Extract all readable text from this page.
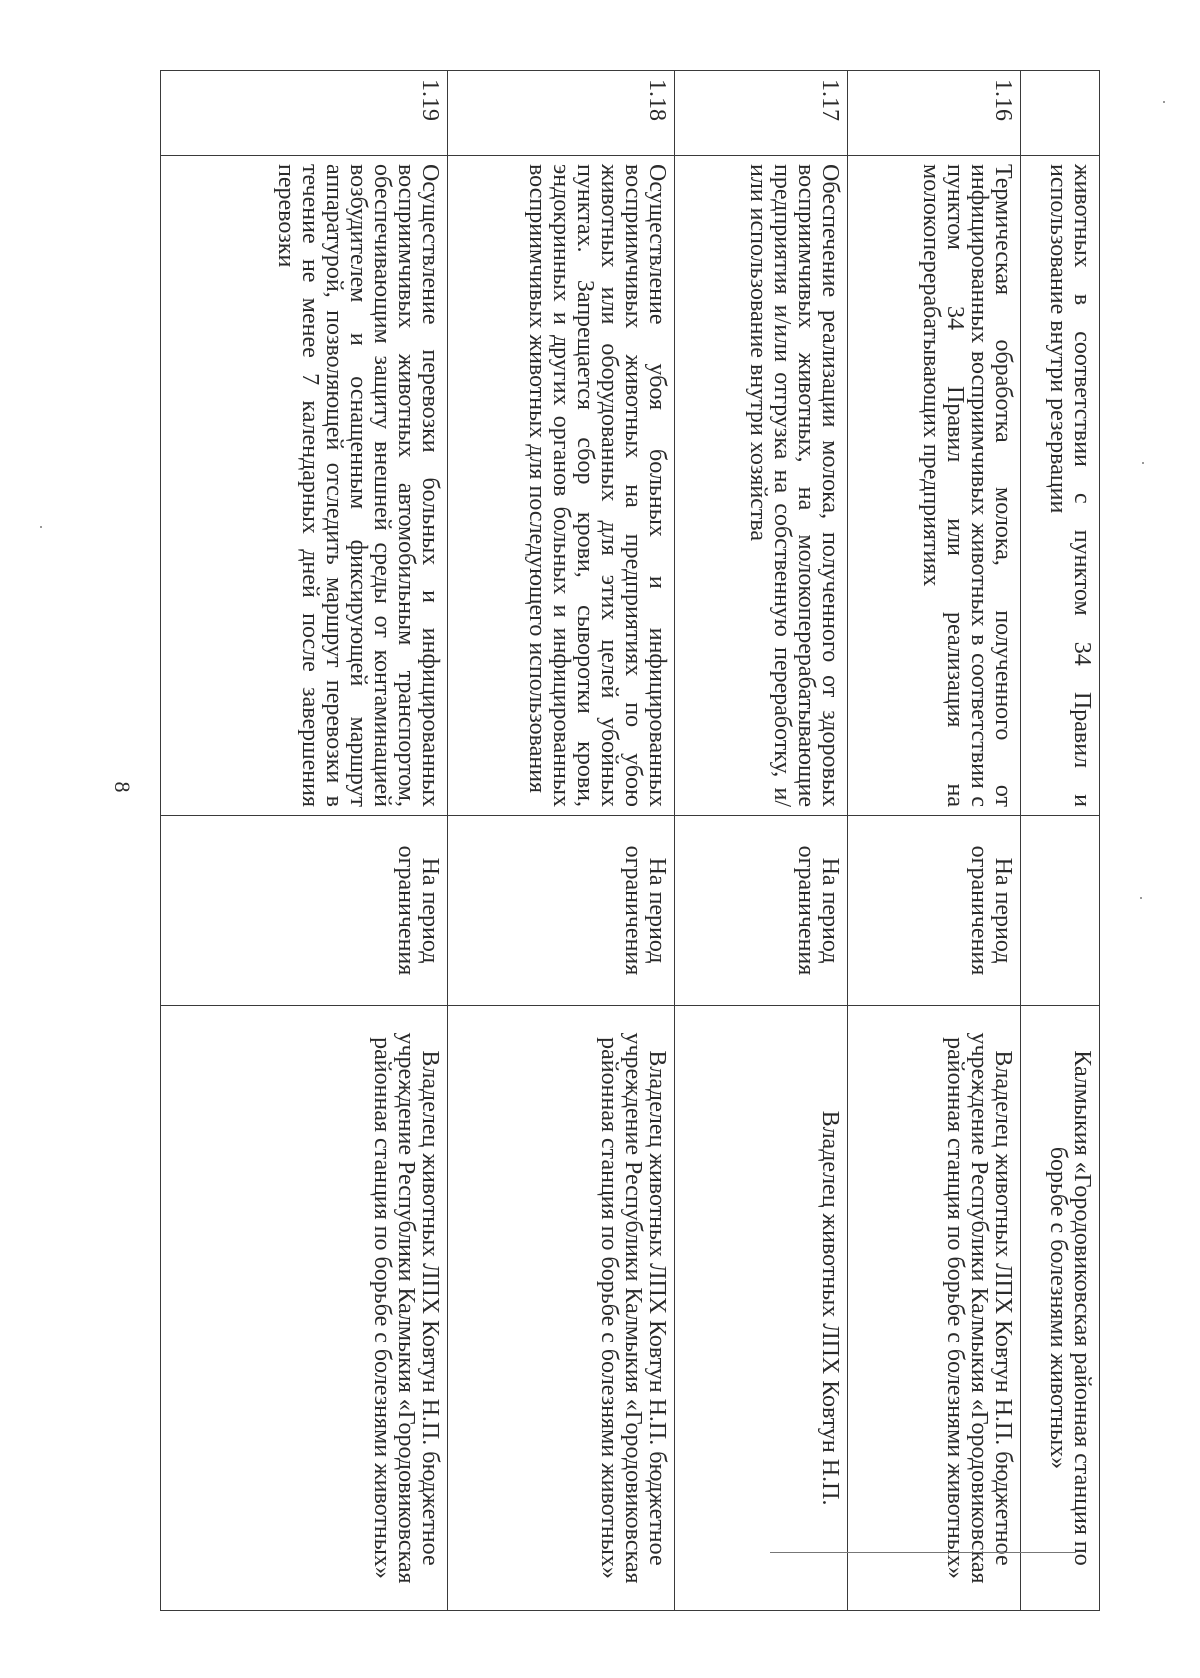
	животных в соответствии с пунктом 34 Правил и использование внутри резервации		Калмыкия «Городовиковская районная станция по борьбе с болезнями животных»
1.16	Термическая обработка молока, полученного от инфицированных восприимчивых животных в соответствии с пунктом 34 Правил или реализация на молокоперерабатывающих предприятиях	На период ограничения	Владелец животных ЛПХ Ковтун Н.П. бюджетное учреждение Республики Калмыкия «Городовиковская районная станция по борьбе с болезнями животных»
1.17	Обеспечение реализации молока, полученного от здоровых восприимчивых животных, на молокоперерабатывающие предприятия и/или отгрузка на собственную переработку, и/или использование внутри хозяйства	На период ограничения	Владелец животных ЛПХ Ковтун Н.П.
1.18	Осуществление убоя больных и инфицированных восприимчивых животных на предприятиях по убою животных или оборудованных для этих целей убойных пунктах. Запрещается сбор крови, сыворотки крови, эндокринных и других органов больных и инфицированных восприимчивых животных для последующего использования	На период ограничения	Владелец животных ЛПХ Ковтун Н.П. бюджетное учреждение Республики Калмыкия «Городовиковская районная станция по борьбе с болезнями животных»
1.19	Осуществление перевозки больных и инфицированных восприимчивых животных автомобильным транспортом, обеспечивающим защиту внешней среды от контаминацией возбудителем и оснащенным фиксирующей маршрут аппаратурой, позволяющей отследить маршрут перевозки в течение не менее 7 календарных дней после завершения перевозки	На период ограничения	Владелец животных ЛПХ Ковтун Н.П. бюджетное учреждение Республики Калмыкия «Городовиковская районная станция по борьбе с болезнями животных»
8
